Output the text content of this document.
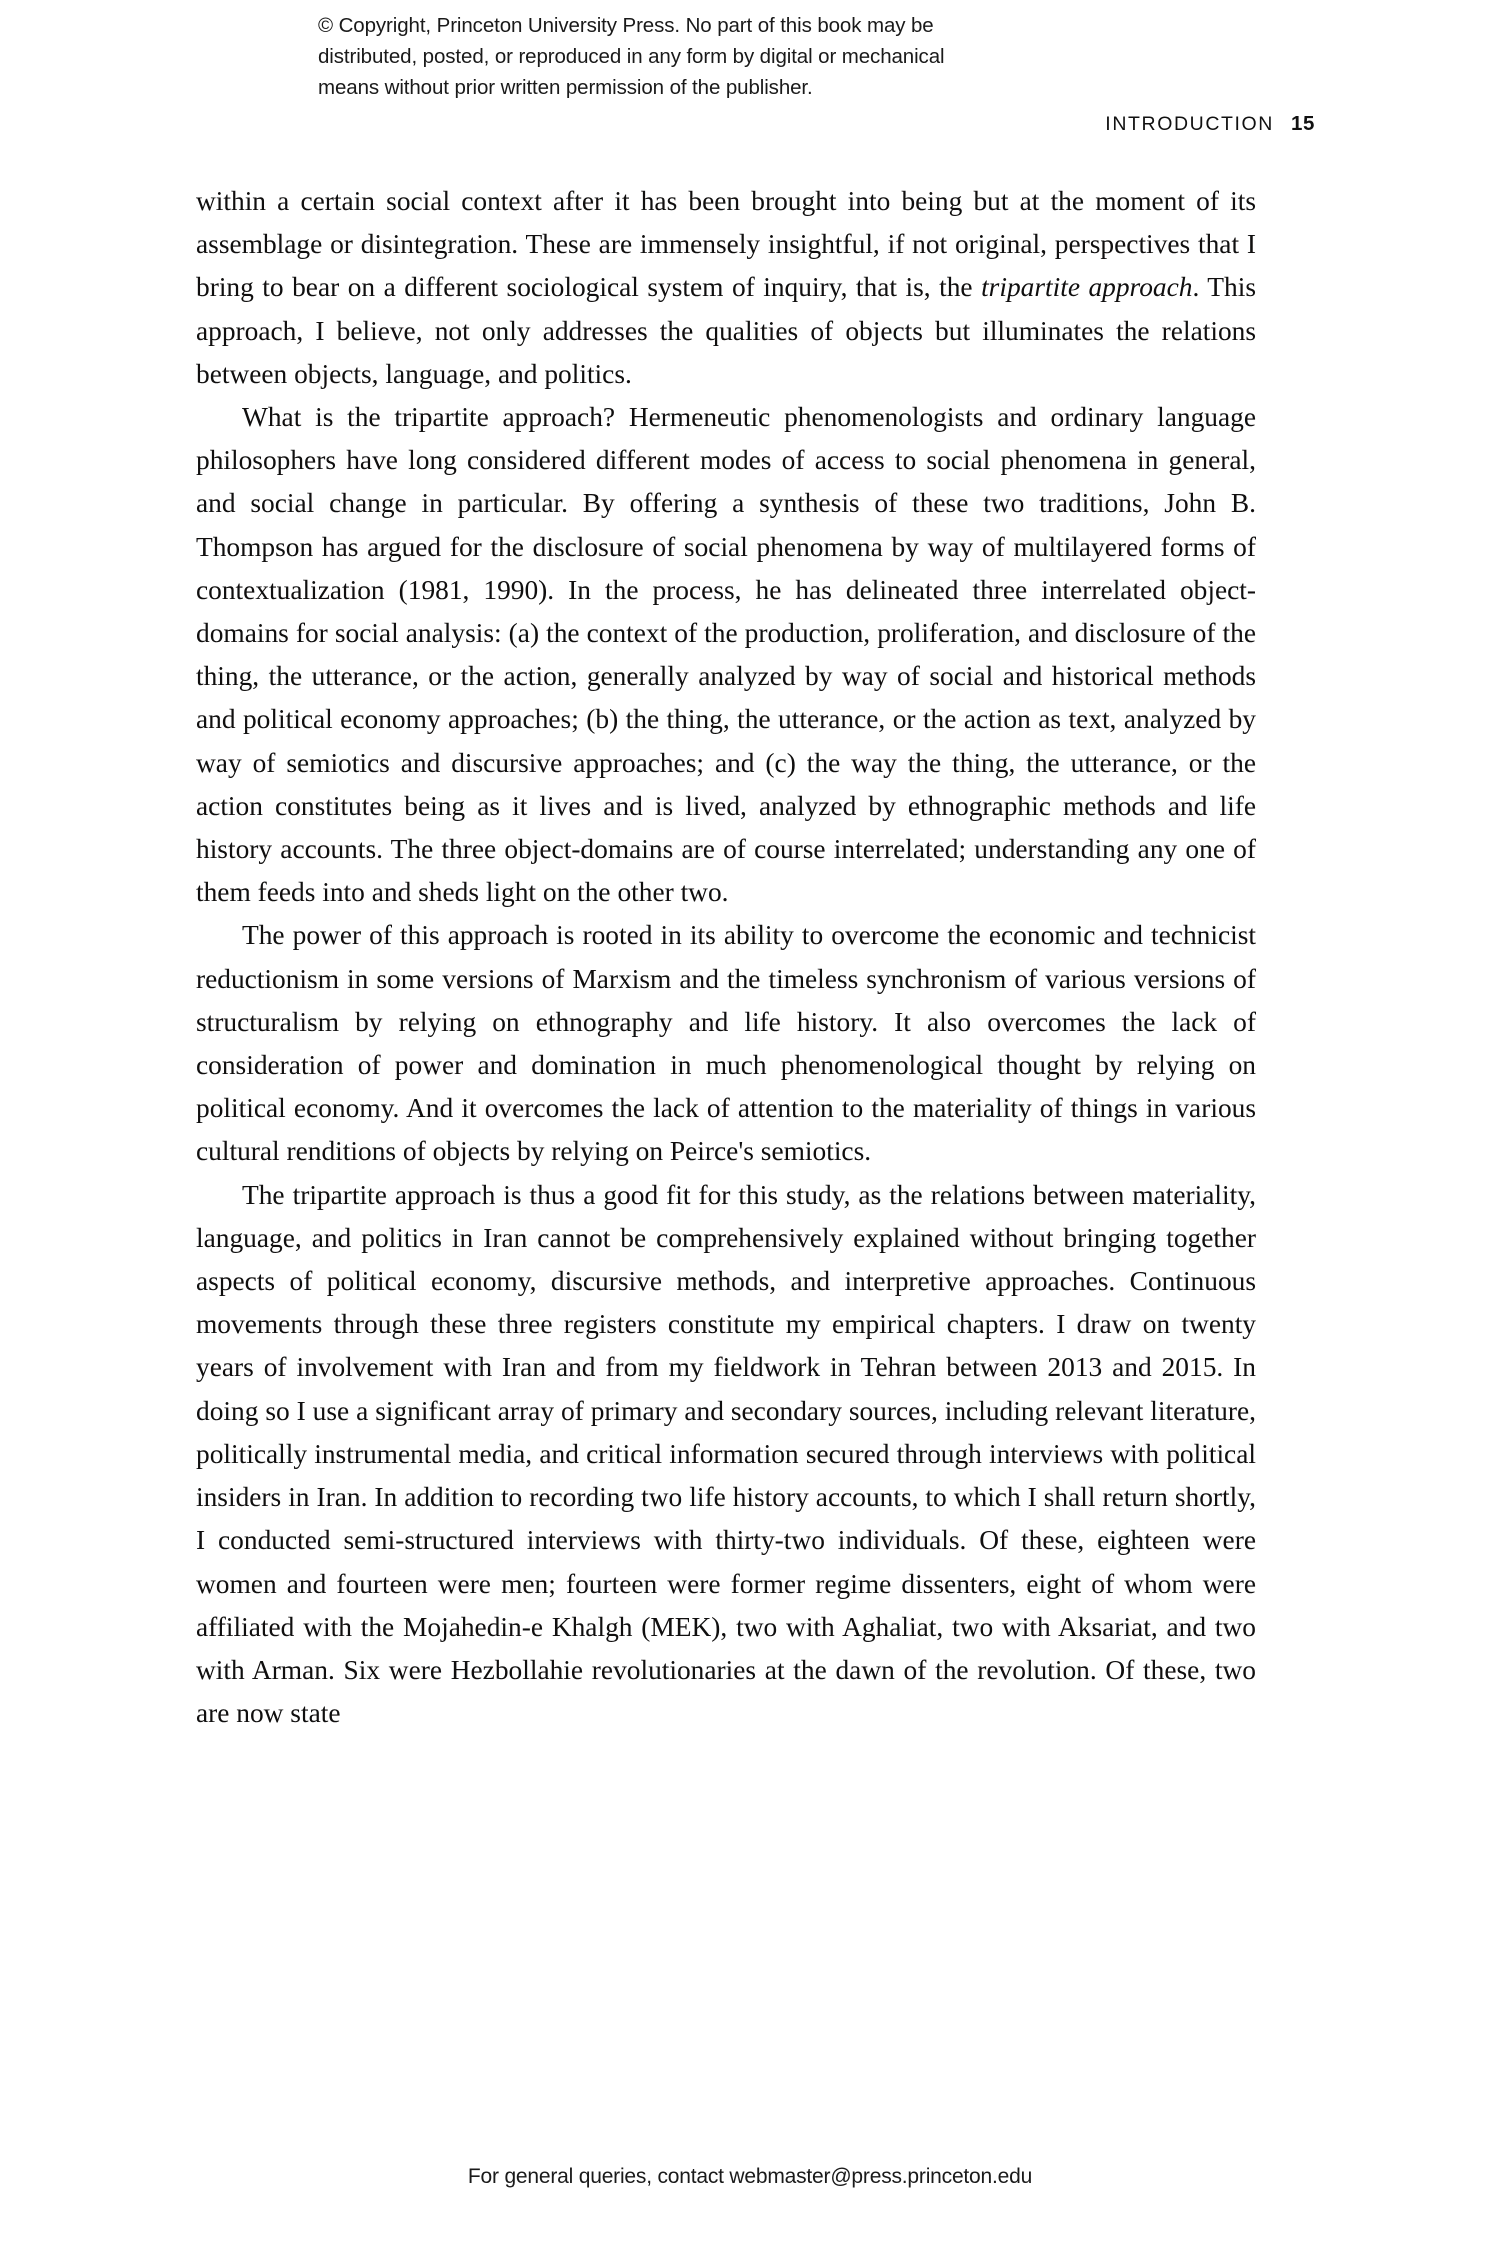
© Copyright, Princeton University Press. No part of this book may be
distributed, posted, or reproduced in any form by digital or mechanical
means without prior written permission of the publisher.
INTRODUCTION 15

within a certain social context after it has been brought into being but at the moment of its assemblage or disintegration. These are immensely insightful, if not original, perspectives that I bring to bear on a different sociological system of inquiry, that is, the tripartite approach. This approach, I believe, not only addresses the qualities of objects but illuminates the relations between objects, language, and politics.

What is the tripartite approach? Hermeneutic phenomenologists and ordinary language philosophers have long considered different modes of access to social phenomena in general, and social change in particular. By offering a synthesis of these two traditions, John B. Thompson has argued for the disclosure of social phenomena by way of multilayered forms of contextualization (1981, 1990). In the process, he has delineated three interrelated object-domains for social analysis: (a) the context of the production, proliferation, and disclosure of the thing, the utterance, or the action, generally analyzed by way of social and historical methods and political economy approaches; (b) the thing, the utterance, or the action as text, analyzed by way of semiotics and discursive approaches; and (c) the way the thing, the utterance, or the action constitutes being as it lives and is lived, analyzed by ethnographic methods and life history accounts. The three object-domains are of course interrelated; understanding any one of them feeds into and sheds light on the other two.

The power of this approach is rooted in its ability to overcome the economic and technicist reductionism in some versions of Marxism and the timeless synchronism of various versions of structuralism by relying on ethnography and life history. It also overcomes the lack of consideration of power and domination in much phenomenological thought by relying on political economy. And it overcomes the lack of attention to the materiality of things in various cultural renditions of objects by relying on Peirce's semiotics.

The tripartite approach is thus a good fit for this study, as the relations between materiality, language, and politics in Iran cannot be comprehensively explained without bringing together aspects of political economy, discursive methods, and interpretive approaches. Continuous movements through these three registers constitute my empirical chapters. I draw on twenty years of involvement with Iran and from my fieldwork in Tehran between 2013 and 2015. In doing so I use a significant array of primary and secondary sources, including relevant literature, politically instrumental media, and critical information secured through interviews with political insiders in Iran. In addition to recording two life history accounts, to which I shall return shortly, I conducted semi-structured interviews with thirty-two individuals. Of these, eighteen were women and fourteen were men; fourteen were former regime dissenters, eight of whom were affiliated with the Mojahedin-e Khalgh (MEK), two with Aghaliat, two with Aksariat, and two with Arman. Six were Hezbollahie revolutionaries at the dawn of the revolution. Of these, two are now state

For general queries, contact webmaster@press.princeton.edu
